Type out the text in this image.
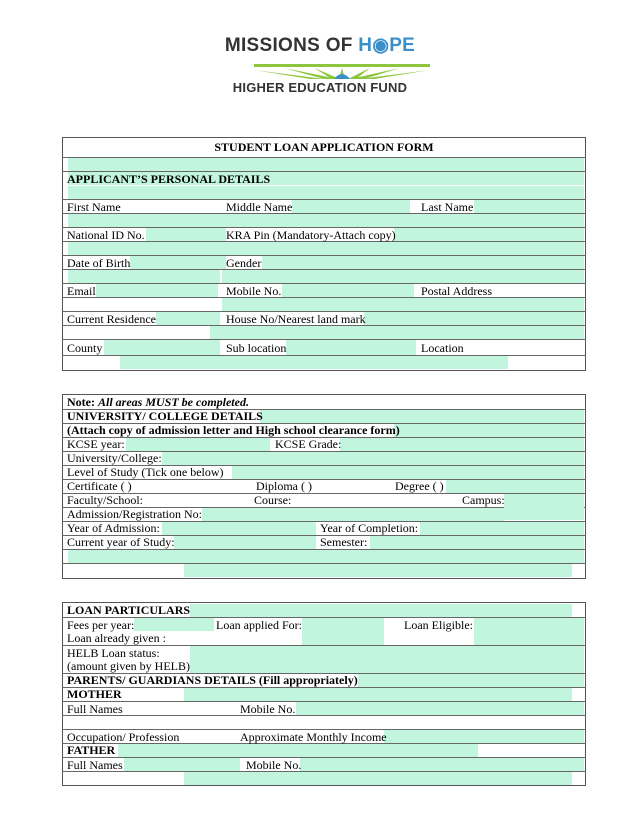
MISSIONS OF H◉PE
HIGHER EDUCATION FUND
STUDENT LOAN APPLICATION FORM
APPLICANT’S PERSONAL DETAILS
First Name	Middle Name	Last Name
National ID No.	KRA Pin (Mandatory-Attach copy)
Date of Birth	Gender
Email	Mobile No.	Postal Address
Current Residence	House No/Nearest land mark
County	Sub location	Location
Note: All areas MUST be completed.
UNIVERSITY/ COLLEGE DETAILS
(Attach copy of admission letter and High school clearance form)
KCSE year:	KCSE Grade:
University/College:
Level of Study (Tick one below)
Certificate ( )	Diploma ( )	Degree ( )
Faculty/School:	Course:	Campus:
Admission/Registration No:
Year of Admission:	Year of Completion:
Current year of Study:	Semester:
LOAN PARTICULARS
Fees per year:	Loan applied For:	Loan Eligible:
Loan already given :
HELB Loan status:
(amount given by HELB)
PARENTS/ GUARDIANS DETAILS (Fill appropriately)
MOTHER
Full Names	Mobile No.
Occupation/ Profession	Approximate Monthly Income
FATHER
Full Names	Mobile No.
